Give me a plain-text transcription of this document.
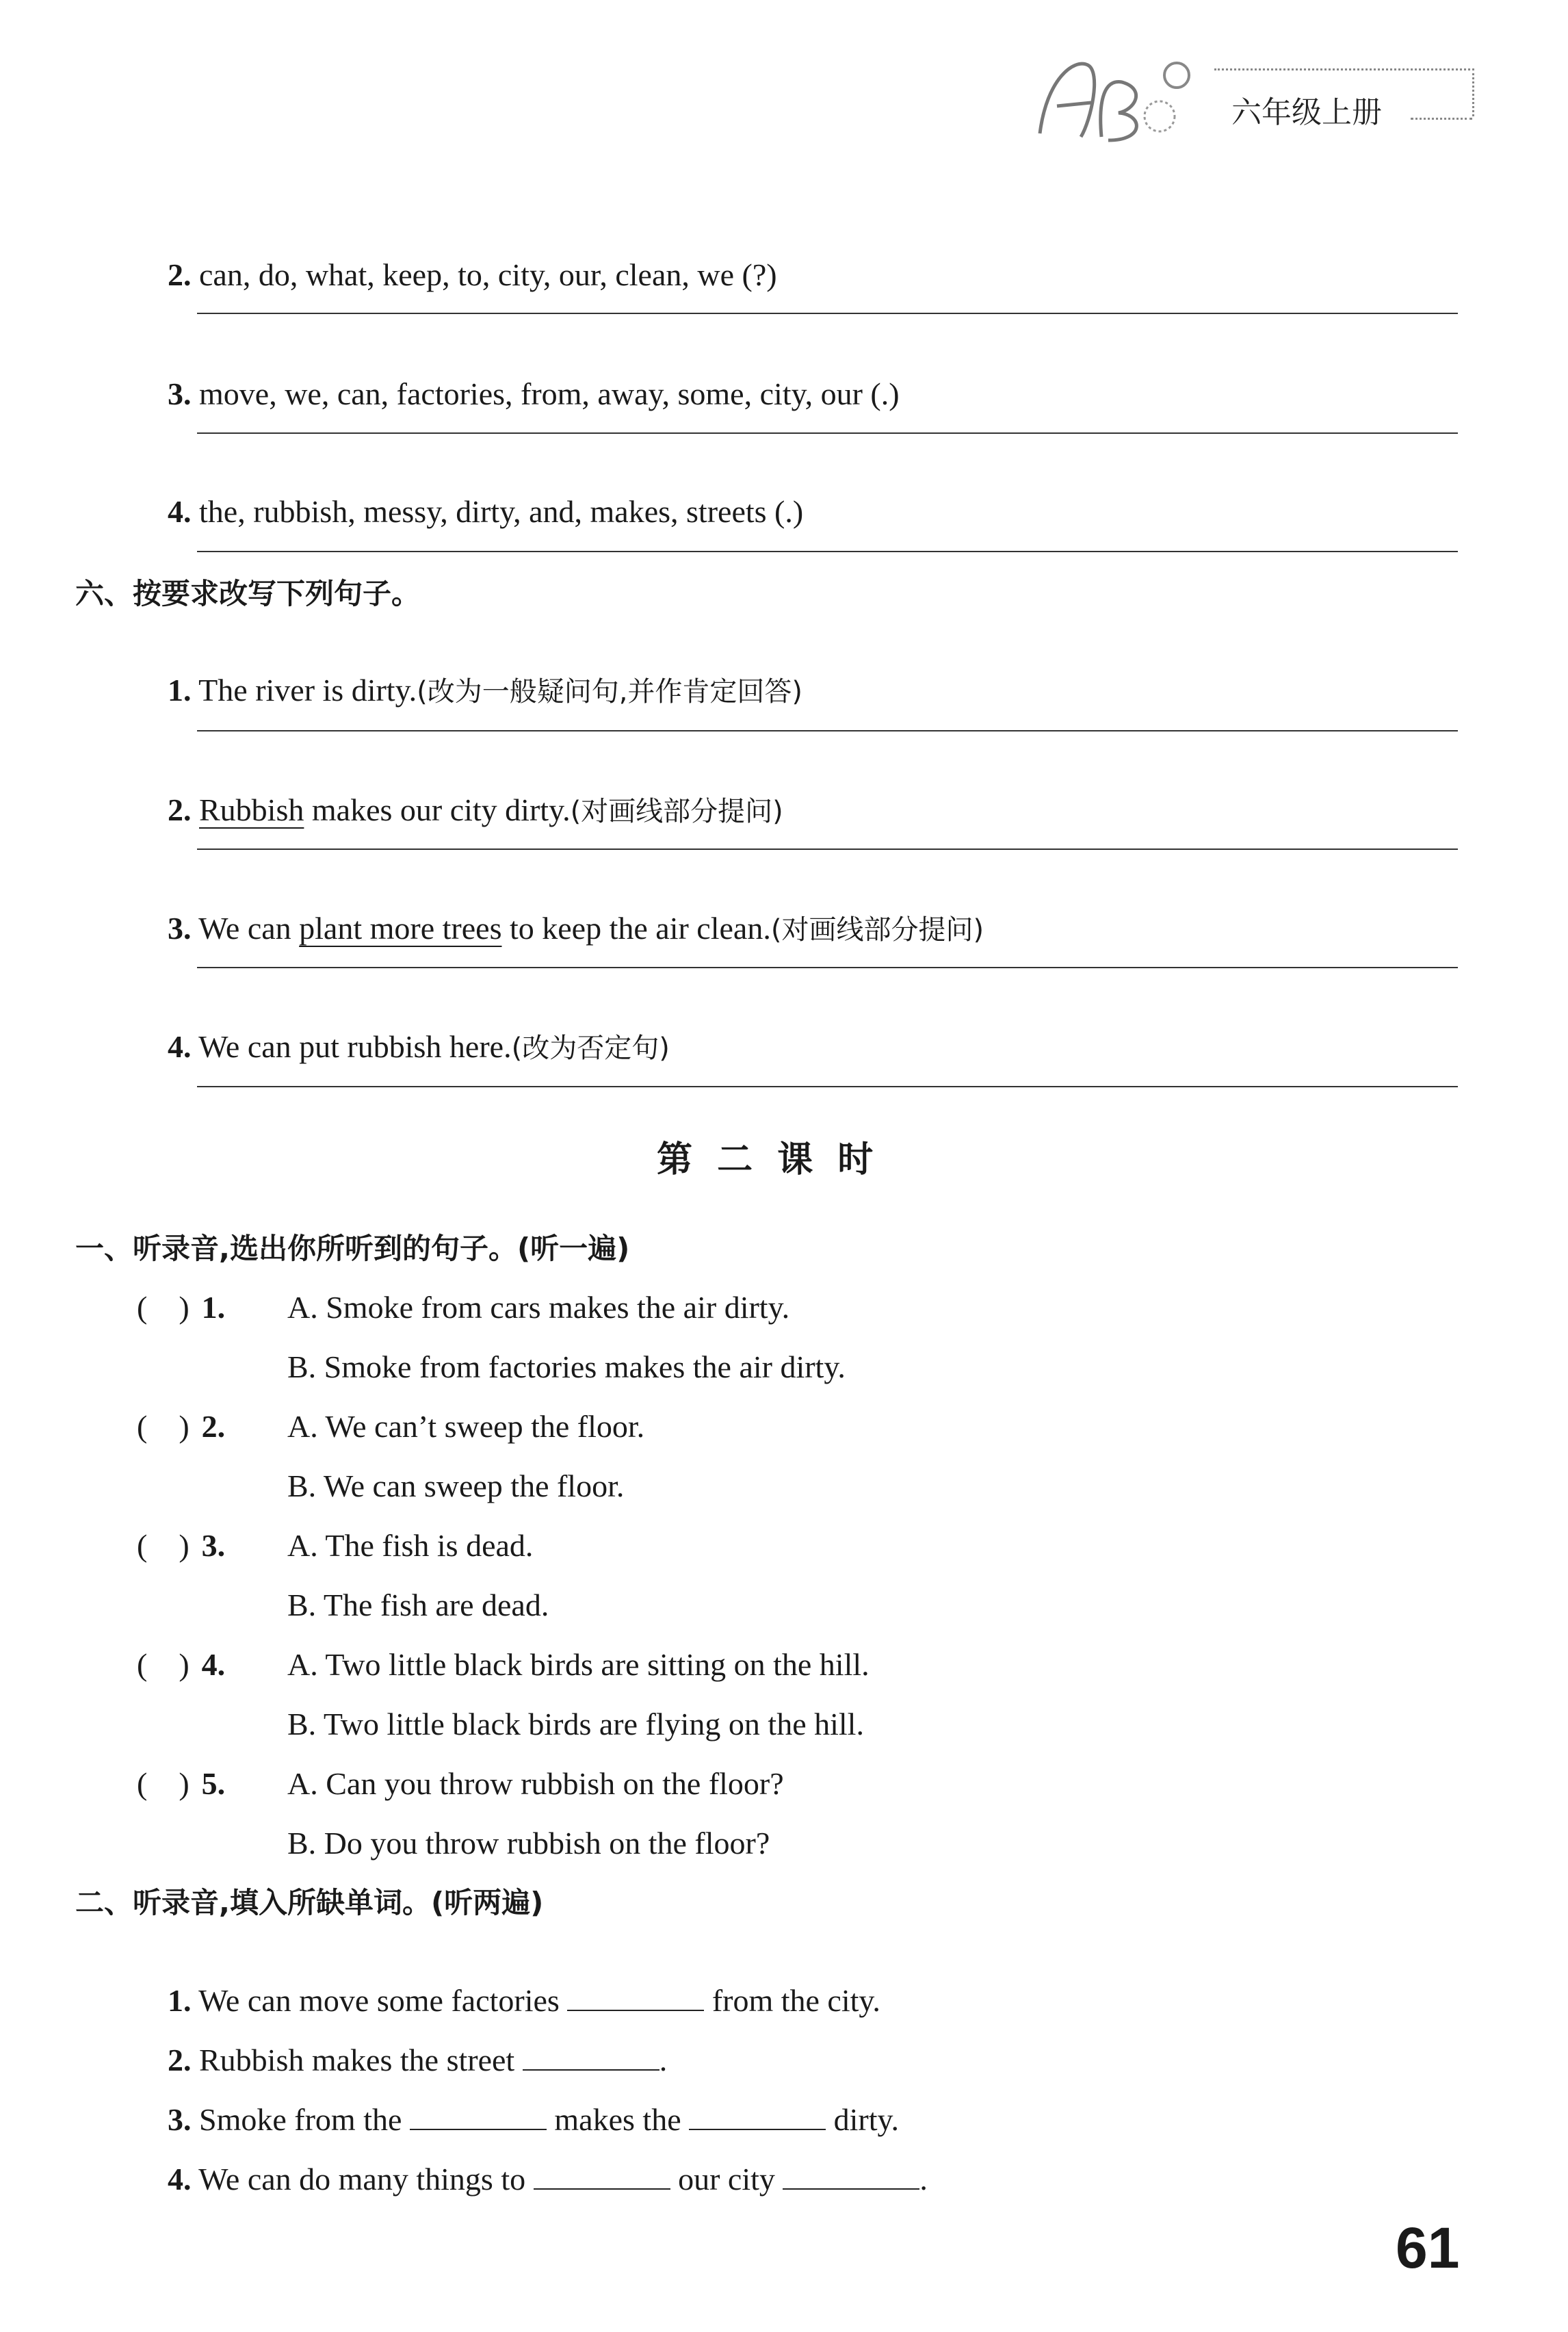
六年级上册

2. can, do, what, keep, to, city, our, clean, we (?)

3. move, we, can, factories, from, away, some, city, our (.)

4. the, rubbish, messy, dirty, and, makes, streets (.)

六、按要求改写下列句子。

1. The river is dirty.(改为一般疑问句,并作肯定回答)

2. Rubbish makes our city dirty.(对画线部分提问)

3. We can plant more trees to keep the air clean.(对画线部分提问)

4. We can put rubbish here.(改为否定句)

第 二 课 时
一、听录音,选出你所听到的句子。(听一遍)
(    ) 1. A. Smoke from cars makes the air dirty.
B. Smoke from factories makes the air dirty.
(    ) 2. A. We can’t sweep the floor.
B. We can sweep the floor.
(    ) 3. A. The fish is dead.
B. The fish are dead.
(    ) 4. A. Two little black birds are sitting on the hill.
B. Two little black birds are flying on the hill.
(    ) 5. A. Can you throw rubbish on the floor?
B. Do you throw rubbish on the floor?
二、听录音,填入所缺单词。(听两遍)

1. We can move some factories	from the city.

2. Rubbish makes the street	.

3. Smoke from the	makes the	dirty.

4. We can do many things to	our city	.

61
